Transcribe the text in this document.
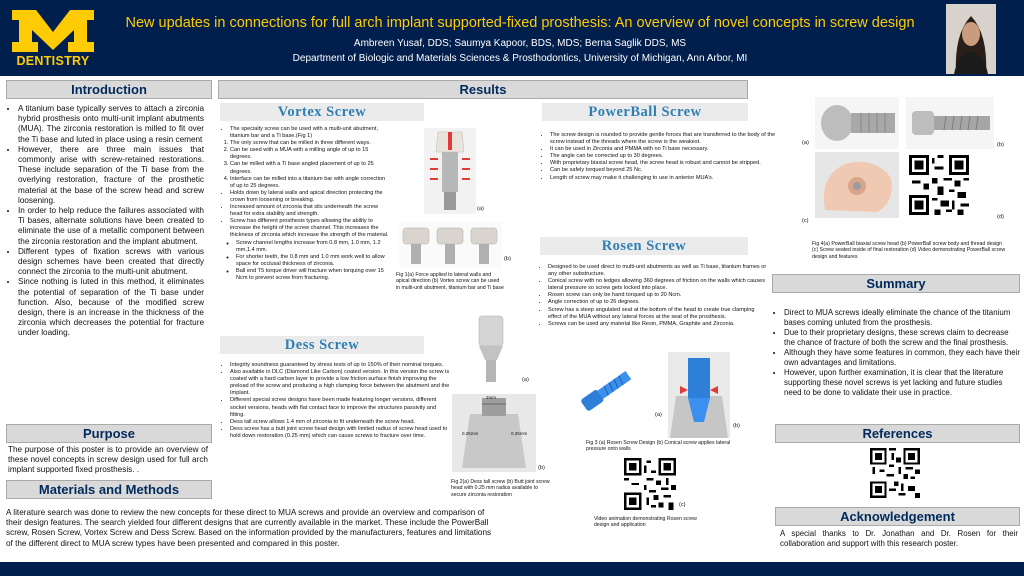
DENTISTRY
New updates in connections for full arch implant supported-fixed prosthesis: An overview of novel concepts in screw design
Ambreen Yusaf, DDS; Saumya Kapoor, BDS, MDS; Berna Saglik DDS, MS
Department of Biologic and Materials Sciences & Prosthodontics, University of Michigan, Ann Arbor, MI
Introduction
• A titanium base typically serves to attach a zirconia hybrid prosthesis onto multi-unit implant abutments (MUA). The zirconia restoration is milled to fit over the Ti base and luted in place using a resin cement
• However, there are three main issues that commonly arise with screw-retained restorations. These include separation of the Ti base from the overlying restoration, fracture of the prosthetic material at the base of the screw head and screw loosening.
• In order to help reduce the failures associated with Ti bases, alternate solutions have been created to eliminate the use of a metallic component between the zirconia restoration and the implant abutment.
• Different types of fixation screws with various design schemes have been created that directly connect the zirconia to the multi-unit abutment.
• Since nothing is luted in this method, it eliminates the potential of separation of the Ti base under function. Also, because of the modified screw design, there is an increase in the thickness of the zirconia which decreases the potential for fracture under loading.
Purpose
The purpose of this poster is to provide an overview of these novel concepts in screw design used for full arch implant supported fixed prosthesis. .
Materials and Methods
A literature search was done to review the new concepts for these direct to MUA screws and provide an overview and comparison of their design features. The search yielded four different designs that are currently available in the market. These include the PowerBall screw, Rosen Screw, Vortex Screw and Dess Screw. Based on the information provided by the manufacturers, features and limitations of the different direct to MUA screw types have been presented and compared in this poster.
Results
Vortex Screw
• The specialty screw can be used with a multi-unit abutment, titanium bar and a Ti base.(Fig 1)
1. The only screw that can be milled in three different ways.
2. Can be used with a MUA with a milling angle of up to 15 degrees.
3. Can be milled with a Ti base angled placement of up to 25 degrees.
4. Interface can be milled into a titanium bar with angle correction of up to 25 degrees.
• Holds down by lateral walls and apical direction protecting the crown from loosening or breaking.
• Increased amount of zirconia that sits underneath the screw head for extra stability and strength.
• Screw has different prosthesis types allowing the ability to increase the height of the screw channel. This increases the thickness of zirconia which increase the strength of the material.
◦ Screw channel lengths increase from 0.8 mm, 1.0 mm, 1.2 mm,1.4 mm.
◦ For shorter teeth, the 0.8 mm and 1.0 mm work well to allow space for occlusal thickness of zirconia.
◦ Ball end T5 torque driver will fracture when torquing over 15 Ncm to prevent screw from fracturing.
(a)
(b)
Fig 1(a) Force applied to lateral walls and apical direction (b) Vortex screw can be used in multi-unit abutment, titanium bar and Ti base
Dess Screw
• Integrity soundness guaranteed by stress tests of up to 150% of their nominal torques.
• Also available in DLC (Diamond Like Carbon) coated version. In this version the screw is coated with a hard carbon layer to provide a low friction surface finish improving the preload of the screw and producing a high clamping force between the abutment and the Implant.
• Different special screw designs have been made featuring longer versions, different socket versions, heads with flat contact face to improve the structures passivity and fitting.
• Dess tall screw allows 1.4 mm of zirconia to fit underneath the screw head.
• Dess screw has a butt joint screw head design with limited radius of screw head used to hold down restoration (0.25 mm) which can cause screws to fracture over time.
(a)
2mm
0.25mm	0.25mm
(b)
Fig 2(a) Dess tall screw (b) Butt joint screw head with 0.25 mm radius available to secure zirconia restoration
PowerBall Screw
• The screw design is rounded to provide gentle forces that are transferred to the body of the screw instead of the threads where the screw is the weakest.
• It can be used in Zirconia and PMMA with no Ti base necessary.
• The angle can be corrected up to 30 degrees.
• With proprietary biaxial screw head, the screw head is robust and cannot be stripped.
• Can be safely torqued beyond 25 Nc.
• Length of screw may make it challenging to use in anterior MUA’s.
(a)	(b)
(c)
(d)
Fig 4(a) PowerBall biaxial screw head (b) PowerBall screw body and thread design (c) Screw seated inside of final restoration (d) Video demonstrating PowerBall screw design and features
Rosen Screw
• Designed to be used direct to multi-unit abutments as well as Ti base, titanium frames or any other substructure.
• Conical screw with no ledges allowing 360 degrees of friction on the walls which causes lateral pressure so screw gets locked into place.
• Rosen screw can only be hand torqued up to 20 Ncm.
• Angle correction of up to 26 degrees.
• Screw has a steep angulated seat at the bottom of the head to create true clamping effect of the MUA without any lateral forces at the seat of the prosthesis.
• Screws can be used any material like Resin, PMMA, Graphite and Zirconia.
(a)
(b)
Fig 3 (a) Rosen Screw Design (b) Conical screw applies lateral pressure onto walls
(c)
Video animation demonstrating Rosen screw design and application
Summary
• Direct to MUA screws ideally eliminate the chance of the titanium bases coming unluted from the prosthesis.
• Due to their proprietary designs, these screws claim to decrease the chance of fracture of both the screw and the final prosthesis.
• Although they have some features in common, they each have their own advantages and limitations.
• However, upon further examination, it is clear that the literature supporting these novel screws is yet lacking and future studies need to be done to validate their use in practice.
References
Acknowledgement
A special thanks to Dr. Jonathan and Dr. Rosen for their collaboration and support with this research poster.
